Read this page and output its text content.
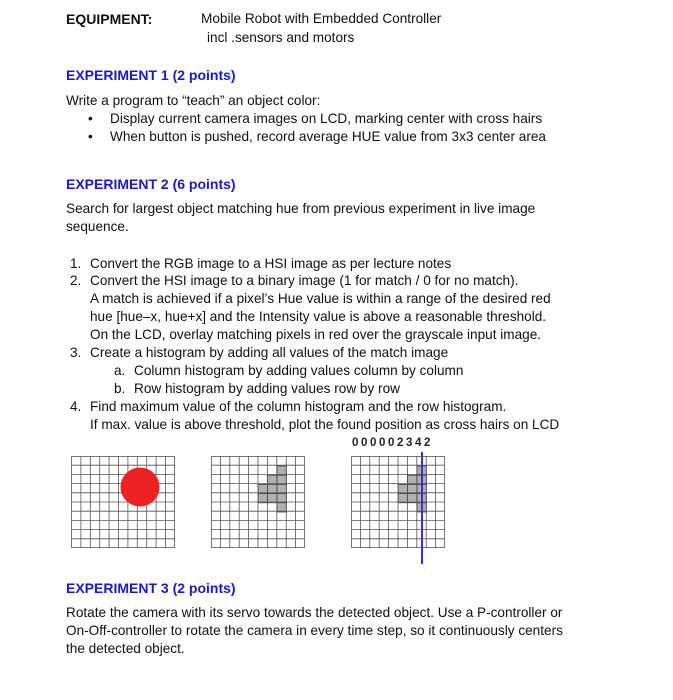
EQUIPMENT:	Mobile Robot with Embedded Controller
incl .sensors and motors
EXPERIMENT 1 (2 points)
Write a program to “teach” an object color:
• Display current camera images on LCD, marking center with cross hairs
• When button is pushed, record average HUE value from 3x3 center area
EXPERIMENT 2 (6 points)
Search for largest object matching hue from previous experiment in live image
sequence.
1. Convert the RGB image to a HSI image as per lecture notes
2. Convert the HSI image to a binary image (1 for match / 0 for no match).
A match is achieved if a pixel’s Hue value is within a range of the desired red
hue [hue–x, hue+x] and the Intensity value is above a reasonable threshold.
On the LCD, overlay matching pixels in red over the grayscale input image.
3. Create a histogram by adding all values of the match image
a. Column histogram by adding values column by column
b. Row histogram by adding values row by row
4. Find maximum value of the column histogram and the row histogram.
If max. value is above threshold, plot the found position as cross hairs on LCD
000002342
EXPERIMENT 3 (2 points)
Rotate the camera with its servo towards the detected object. Use a P-controller or
On-Off-controller to rotate the camera in every time step, so it continuously centers
the detected object.
